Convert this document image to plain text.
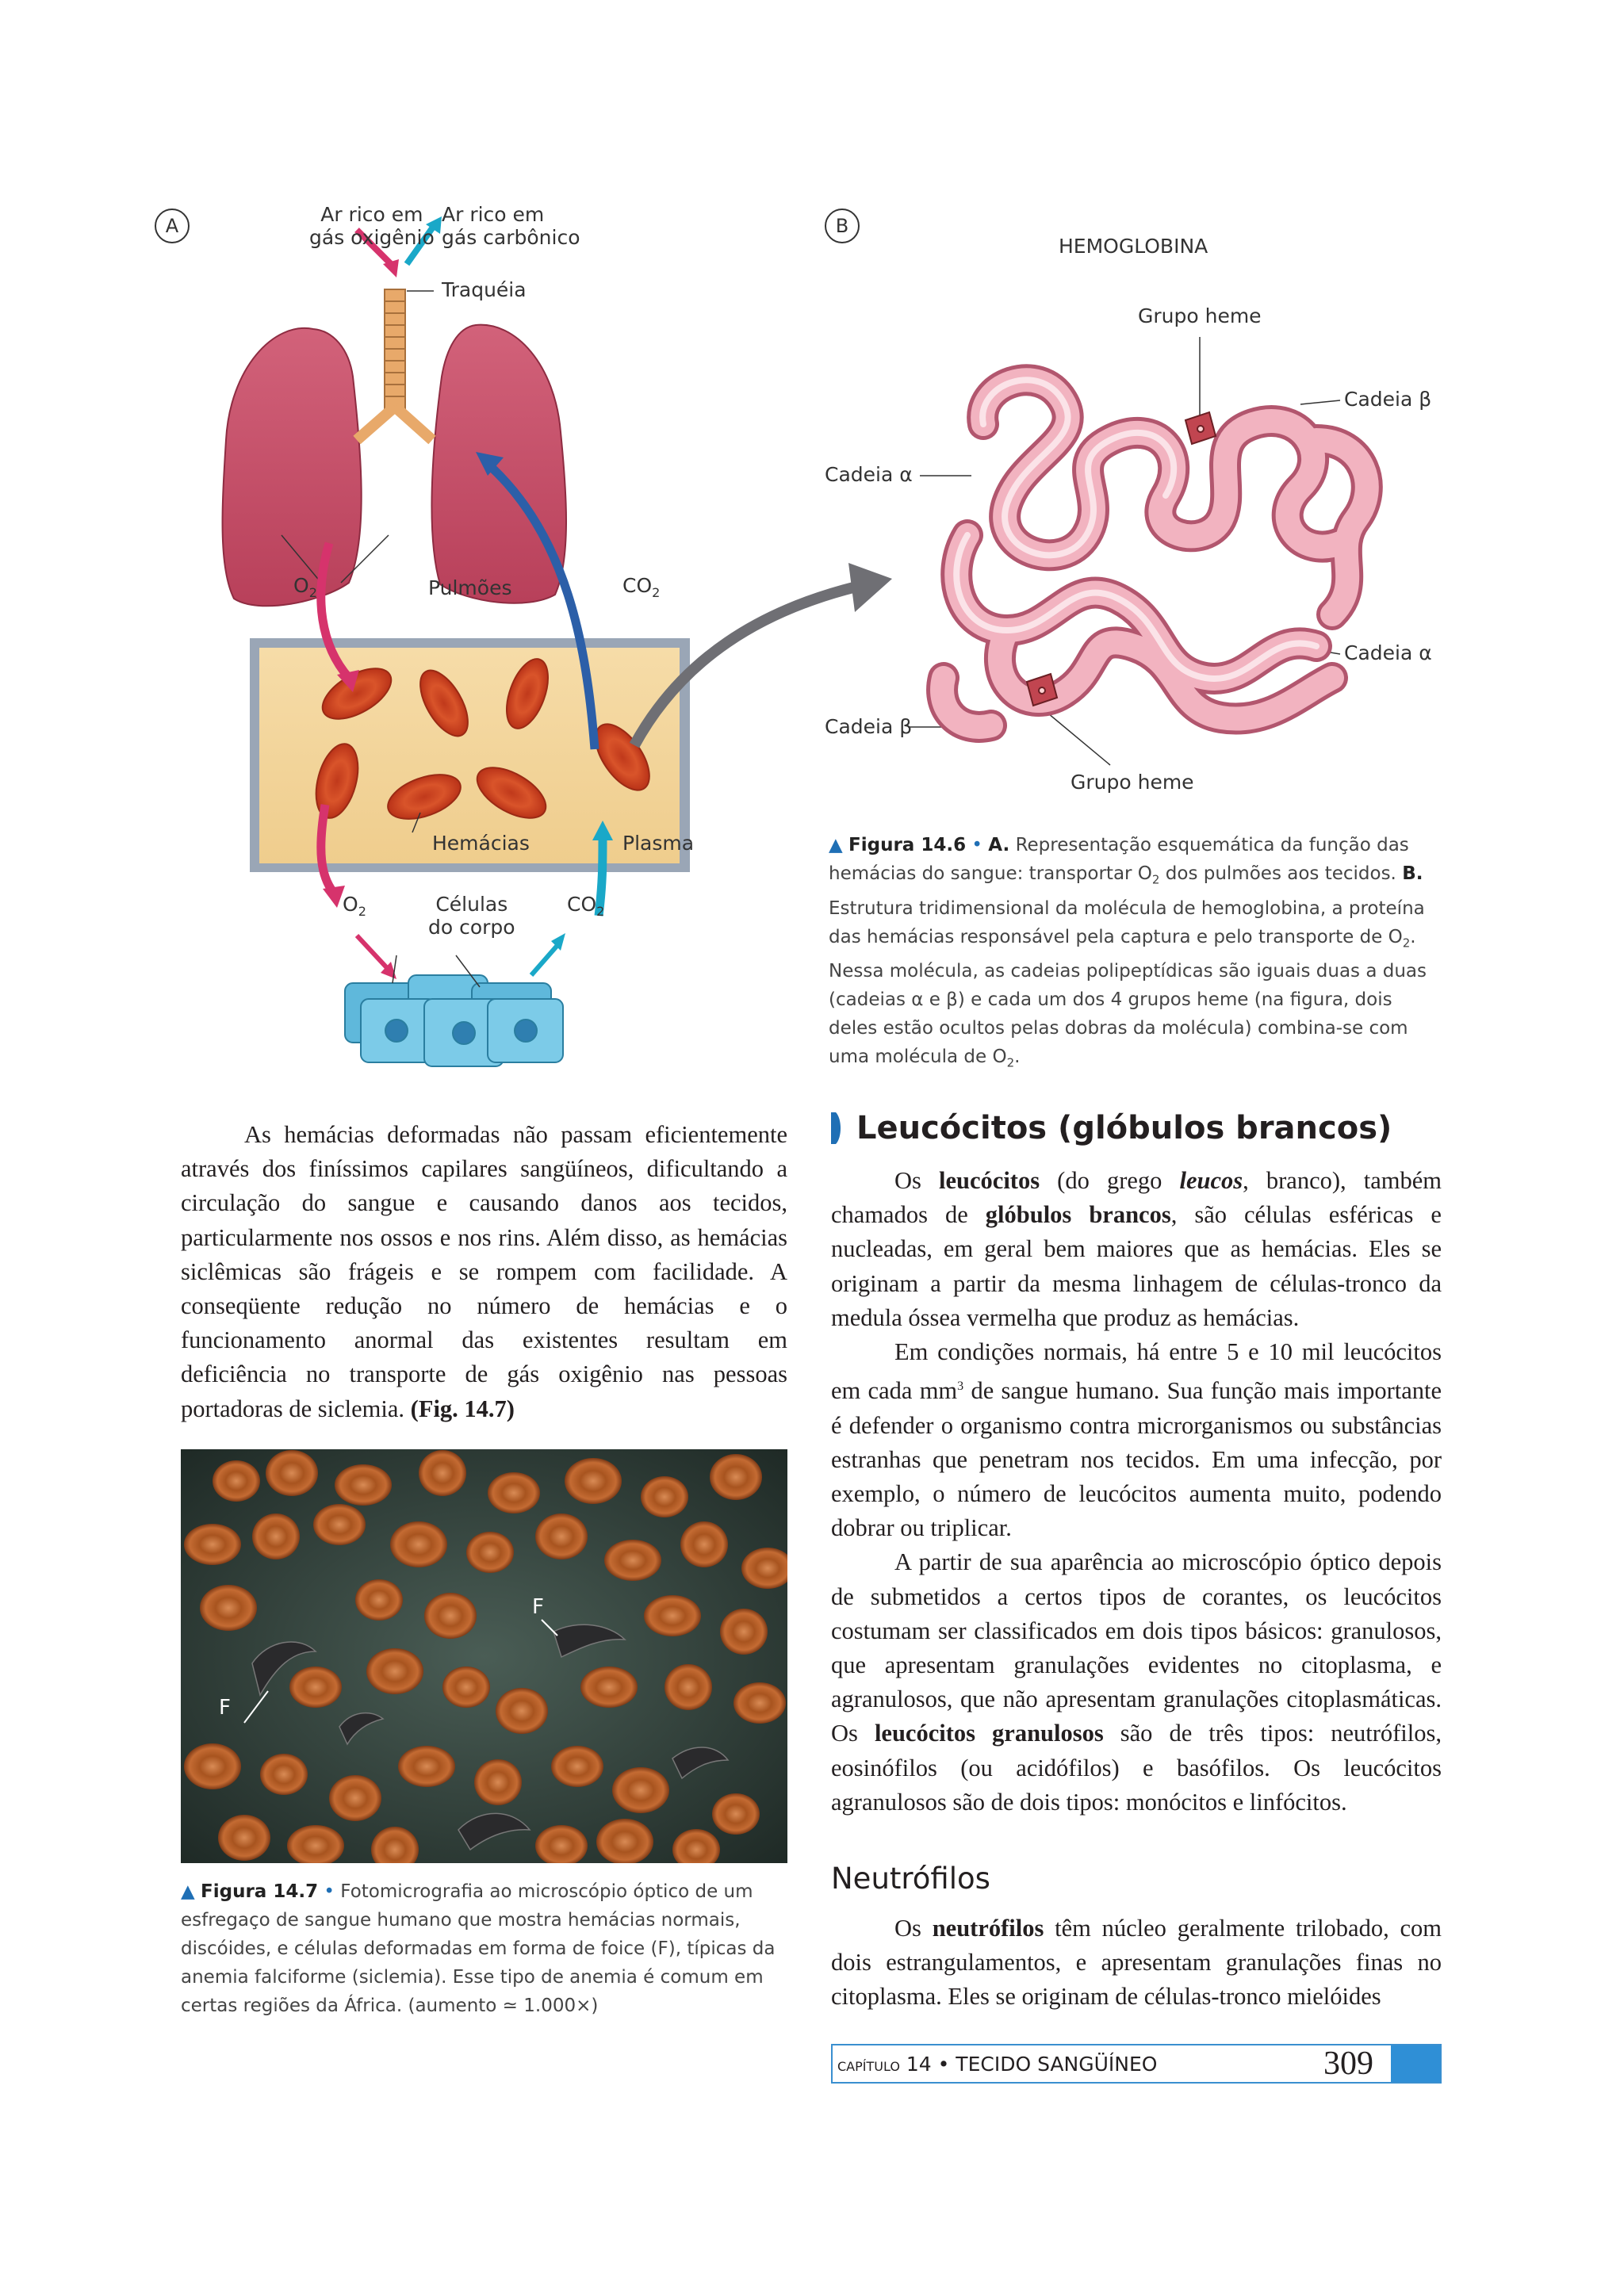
A	Ar rico em
gás oxigênio
Ar rico em
gás carbônico
Traquéia
$O_2$	Pulmões	$CO_2$
Hemácias	Plasma
$O_2$	Células
do corpo
$CO_2$
B
HEMOGLOBINA
Grupo heme
Cadeia β
Cadeia α
Cadeia α
Cadeia β
Grupo heme
▲ Figura 14.6 • A. Representação esquemática da função das hemácias do sangue: transportar $O_2$ dos pulmões aos tecidos. B. Estrutura tridimensional da molécula de hemoglobina, a proteína das hemácias responsável pela captura e pelo transporte de $O_2$. Nessa molécula, as cadeias polipeptídicas são iguais duas a duas (cadeias α e β) e cada um dos 4 grupos heme (na figura, dois deles estão ocultos pelas dobras da molécula) combina-se com uma molécula de $O_2$.

As hemácias deformadas não passam eficientemente através dos finíssimos capilares sangüíneos, dificultando a circulação do sangue e causando danos aos tecidos, particularmente nos ossos e nos rins. Além disso, as hemácias siclêmicas são frágeis e se rompem com facilidade. A conseqüente redução no número de hemácias e o funcionamento anormal das existentes resultam em deficiência no transporte de gás oxigênio nas pessoas portadoras de siclemia. (Fig. 14.7)

F
F
▲ Figura 14.7 • Fotomicrografia ao microscópio óptico de um esfregaço de sangue humano que mostra hemácias normais, discóides, e células deformadas em forma de foice (F), típicas da anemia falciforme (siclemia). Esse tipo de anemia é comum em certas regiões da África. (aumento ≃ 1.000×)
Leucócitos (glóbulos brancos)

Os leucócitos (do grego leucos, branco), também chamados de glóbulos brancos, são células esféricas e nucleadas, em geral bem maiores que as hemácias. Eles se originam a partir da mesma linhagem de células-tronco da medula óssea vermelha que produz as hemácias.

Em condições normais, há entre 5 e 10 mil leucócitos em cada $mm^3$ de sangue humano. Sua função mais importante é defender o organismo contra microrganismos ou substâncias estranhas que penetram nos tecidos. Em uma infecção, por exemplo, o número de leucócitos aumenta muito, podendo dobrar ou triplicar.

A partir de sua aparência ao microscópio óptico depois de submetidos a certos tipos de corantes, os leucócitos costumam ser classificados em dois tipos básicos: granulosos, que apresentam granulações evidentes no citoplasma, e agranulosos, que não apresentam granulações citoplasmáticas. Os leucócitos granulosos são de três tipos: neutrófilos, eosinófilos (ou acidófilos) e basófilos. Os leucócitos agranulosos são de dois tipos: monócitos e linfócitos.

Neutrófilos

Os neutrófilos têm núcleo geralmente trilobado, com dois estrangulamentos, e apresentam granulações finas no citoplasma. Eles se originam de células-tronco mielóides

CAPÍTULO 14 • TECIDO SANGÜÍNEO	309
